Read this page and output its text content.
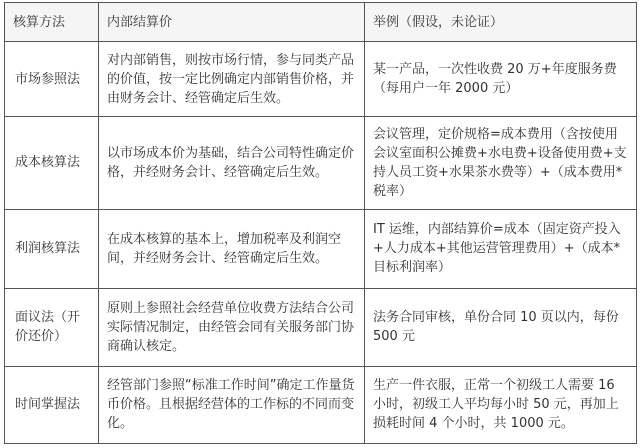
核算方法	内部结算价	举例（假设，未论证）
市场参照法	对内部销售，则按市场行情，参与同类产品的价值，按一定比例确定内部销售价格，并由财务会计、经管确定后生效。	某一产品，一次性收费 20 万+年度服务费（每用户一年 2000 元）
成本核算法	以市场成本价为基础，结合公司特性确定价格，并经财务会计、经管确定后生效。	会议管理，定价规格=成本费用（含按使用会议室面积公摊费+水电费+设备使用费+支持人员工资+水果茶水费等）+（成本费用*税率）
利润核算法	在成本核算的基本上，增加税率及利润空间，并经财务会计、经管确定后生效。	IT 运维，内部结算价=成本（固定资产投入+人力成本+其他运营管理费用）+（成本*目标利润率）
面议法（开价还价）	原则上参照社会经营单位收费方法结合公司实际情况制定，由经管会同有关服务部门协商确认核定。	法务合同审核，单份合同 10 页以内，每份 500 元
时间掌握法	经管部门参照“标准工作时间”确定工作量货币价格。且根据经营体的工作标的不同而变化。	生产一件衣服，正常一个初级工人需要 16 小时，初级工人平均每小时 50 元，再加上损耗时间 4 个小时，共 1000 元。
